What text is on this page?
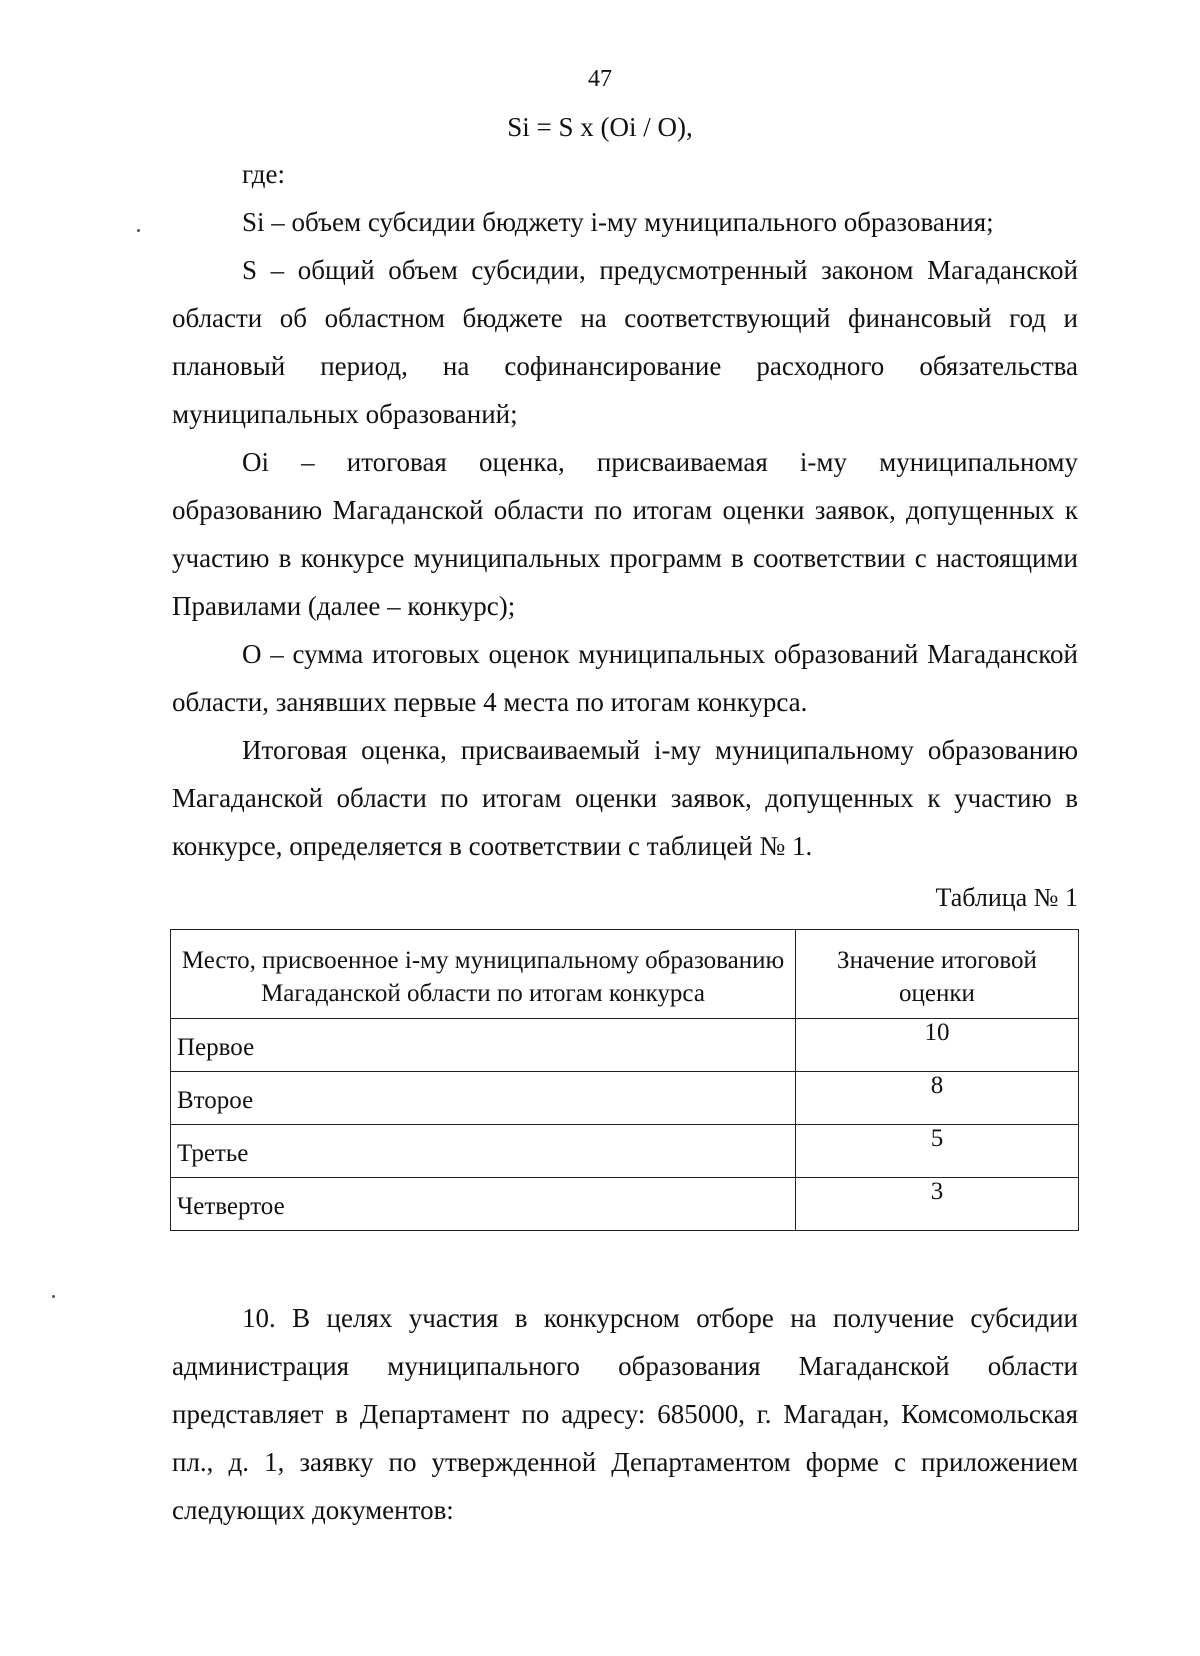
47
Si = S x (Oi / O),

где:

Si – объем субсидии бюджету i-му муниципального образования;

S – общий объем субсидии, предусмотренный законом Магаданской области об областном бюджете на соответствующий финансовый год и плановый период, на софинансирование расходного обязательства муниципальных образований;

Oi – итоговая оценка, присваиваемая i-му муниципальному образованию Магаданской области по итогам оценки заявок, допущенных к участию в конкурсе муниципальных программ в соответствии с настоящими Правилами (далее – конкурс);

O – сумма итоговых оценок муниципальных образований Магаданской области, занявших первые 4 места по итогам конкурса.

Итоговая оценка, присваиваемый i-му муниципальному образованию Магаданской области по итогам оценки заявок, допущенных к участию в конкурсе, определяется в соответствии с таблицей № 1.

Таблица № 1
Место, присвоенное i-му муниципальному образованию Магаданской области по итогам конкурса	Значение итоговой оценки

Первое	10

Второе	8

Третье	5

Четвертое	3

10. В целях участия в конкурсном отборе на получение субсидии администрация муниципального образования Магаданской области представляет в Департамент по адресу: 685000, г. Магадан, Комсомольская пл., д. 1, заявку по утвержденной Департаментом форме с приложением следующих документов:
